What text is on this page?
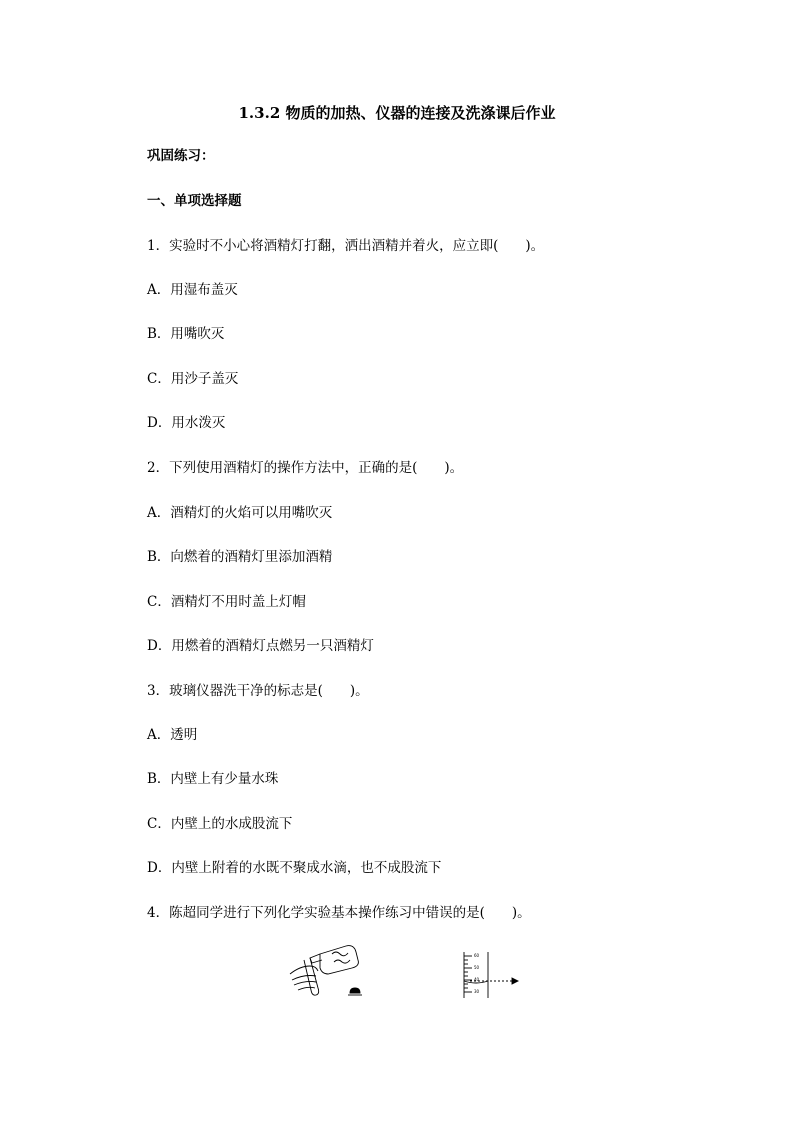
1.3.2 物质的加热、仪器的连接及洗涤课后作业
巩固练习：
一、单项选择题
1．实验时不小心将酒精灯打翻，洒出酒精并着火，应立即(　　)。
A．用湿布盖灭
B．用嘴吹灭
C．用沙子盖灭
D．用水泼灭
2．下列使用酒精灯的操作方法中，正确的是(　　)。
A．酒精灯的火焰可以用嘴吹灭
B．向燃着的酒精灯里添加酒精
C．酒精灯不用时盖上灯帽
D．用燃着的酒精灯点燃另一只酒精灯
3．玻璃仪器洗干净的标志是(　　)。
A．透明
B．内壁上有少量水珠
C．内壁上的水成股流下
D．内壁上附着的水既不聚成水滴，也不成股流下
4．陈超同学进行下列化学实验基本操作练习中错误的是(　　)。
60
50
40
30
